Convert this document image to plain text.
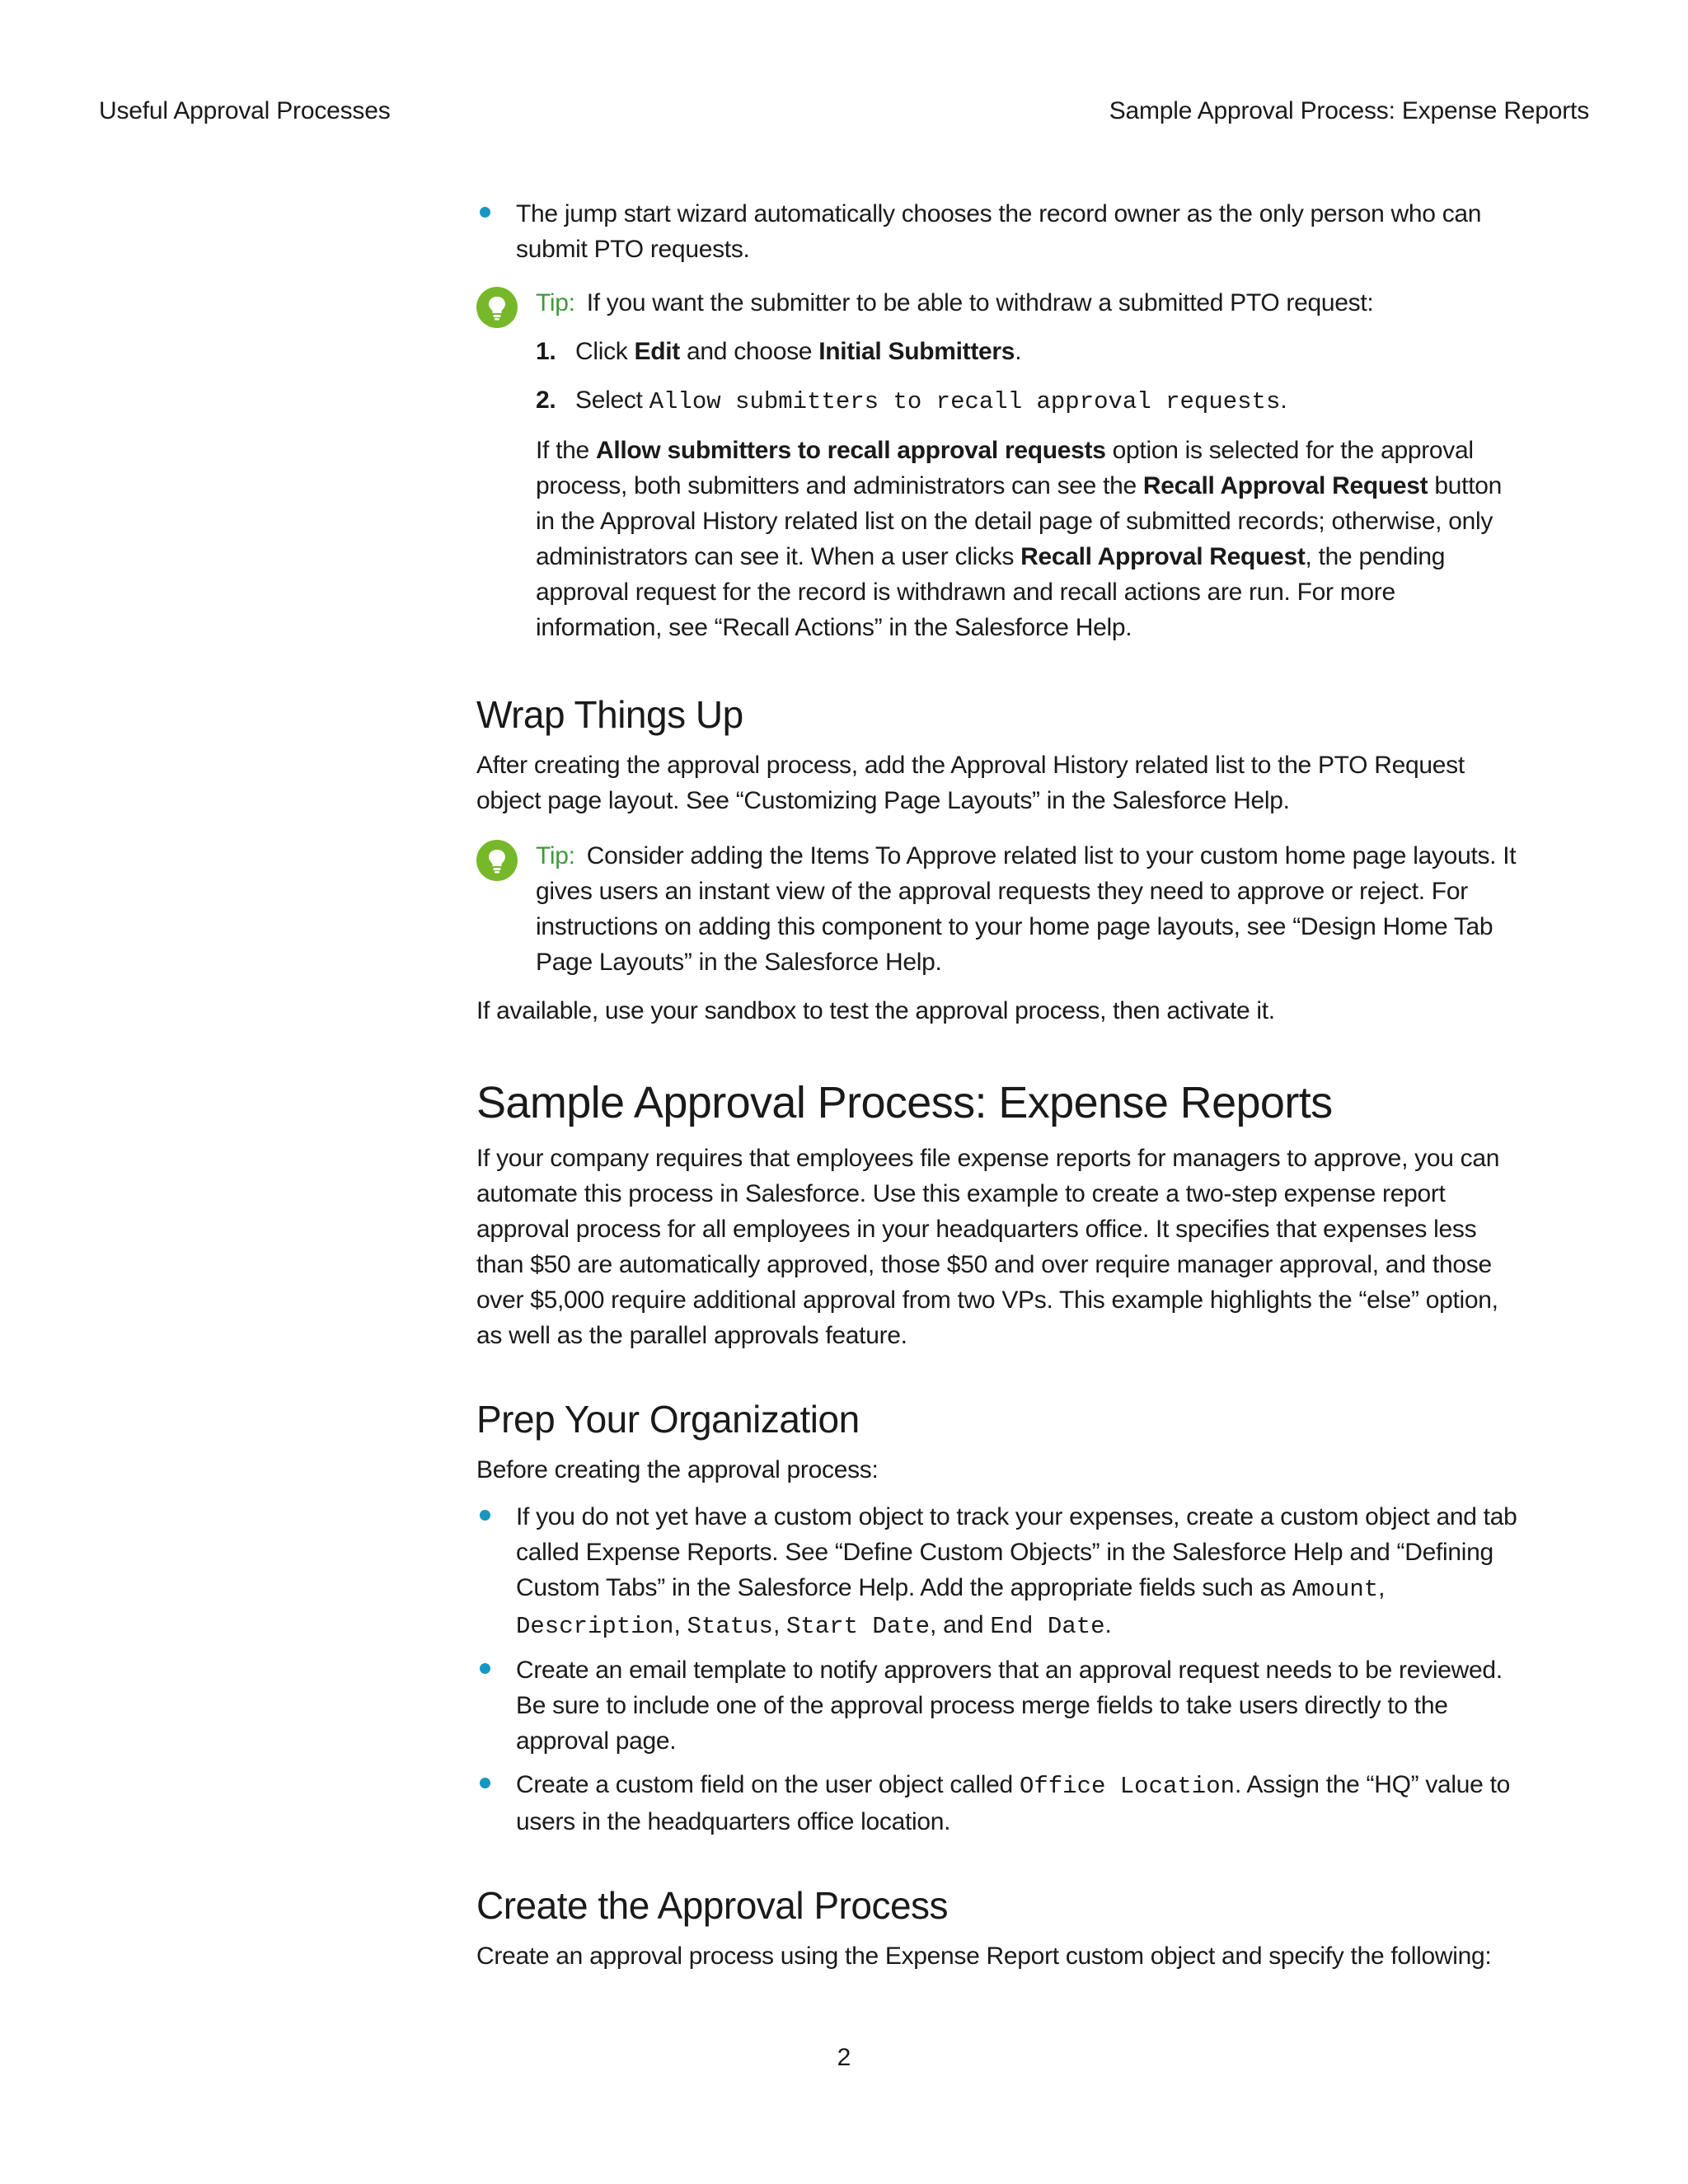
Useful Approval Processes	Sample Approval Process: Expense Reports
The jump start wizard automatically chooses the record owner as the only person who can submit PTO requests.

Tip: If you want the submitter to be able to withdraw a submitted PTO request:

1. Click Edit and choose Initial Submitters.
2. Select Allow submitters to recall approval requests.

If the Allow submitters to recall approval requests option is selected for the approval process, both submitters and administrators can see the Recall Approval Request button in the Approval History related list on the detail page of submitted records; otherwise, only administrators can see it. When a user clicks Recall Approval Request, the pending approval request for the record is withdrawn and recall actions are run. For more information, see “Recall Actions” in the Salesforce Help.

Wrap Things Up

After creating the approval process, add the Approval History related list to the PTO Request object page layout. See “Customizing Page Layouts” in the Salesforce Help.

Tip: Consider adding the Items To Approve related list to your custom home page layouts. It gives users an instant view of the approval requests they need to approve or reject. For instructions on adding this component to your home page layouts, see “Design Home Tab Page Layouts” in the Salesforce Help.

If available, use your sandbox to test the approval process, then activate it.

Sample Approval Process: Expense Reports

If your company requires that employees file expense reports for managers to approve, you can automate this process in Salesforce. Use this example to create a two-step expense report approval process for all employees in your headquarters office. It specifies that expenses less than $50 are automatically approved, those $50 and over require manager approval, and those over $5,000 require additional approval from two VPs. This example highlights the “else” option, as well as the parallel approvals feature.

Prep Your Organization

Before creating the approval process:

If you do not yet have a custom object to track your expenses, create a custom object and tab called Expense Reports. See “Define Custom Objects” in the Salesforce Help and “Defining Custom Tabs” in the Salesforce Help. Add the appropriate fields such as Amount, Description, Status, Start Date, and End Date.
Create an email template to notify approvers that an approval request needs to be reviewed. Be sure to include one of the approval process merge fields to take users directly to the approval page.
Create a custom field on the user object called Office Location. Assign the “HQ” value to users in the headquarters office location.
Create the Approval Process

Create an approval process using the Expense Report custom object and specify the following:

2
